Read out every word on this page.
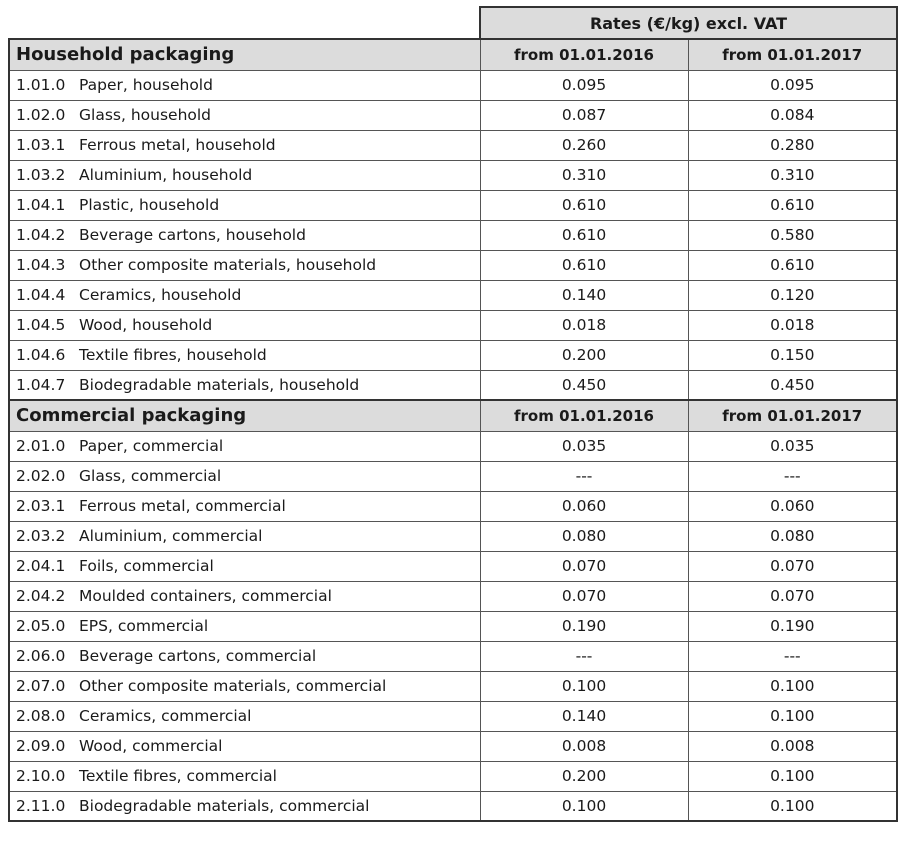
	Rates (€/kg) excl. VAT	
Household packaging	from 01.01.2016	from 01.01.2017
1.01.0 Paper, household	0.095	0.095
1.02.0 Glass, household	0.087	0.084
1.03.1 Ferrous metal, household	0.260	0.280
1.03.2 Aluminium, household	0.310	0.310
1.04.1 Plastic, household	0.610	0.610
1.04.2 Beverage cartons, household	0.610	0.580
1.04.3 Other composite materials, household	0.610	0.610
1.04.4 Ceramics, household	0.140	0.120
1.04.5 Wood, household	0.018	0.018
1.04.6 Textile fibres, household	0.200	0.150
1.04.7 Biodegradable materials, household	0.450	0.450
Commercial packaging	from 01.01.2016	from 01.01.2017
2.01.0 Paper, commercial	0.035	0.035
2.02.0 Glass, commercial	---	---
2.03.1 Ferrous metal, commercial	0.060	0.060
2.03.2 Aluminium, commercial	0.080	0.080
2.04.1 Foils, commercial	0.070	0.070
2.04.2 Moulded containers, commercial	0.070	0.070
2.05.0 EPS, commercial	0.190	0.190
2.06.0 Beverage cartons, commercial	---	---
2.07.0 Other composite materials, commercial	0.100	0.100
2.08.0 Ceramics, commercial	0.140	0.100
2.09.0 Wood, commercial	0.008	0.008
2.10.0 Textile fibres, commercial	0.200	0.100
2.11.0 Biodegradable materials, commercial	0.100	0.100
